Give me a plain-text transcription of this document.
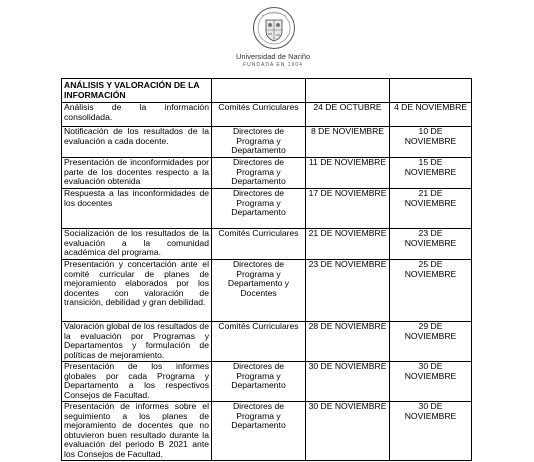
Universidad de Nariño
FUNDADA EN 1904
ANÁLISIS Y VALORACIÓN DE LA INFORMACIÓN			
Análisis de la información consolidada.	Comités Curriculares	24 DE OCTUBRE	4 DE NOVIEMBRE
Notificación de los resultados de la evaluación a cada docente.	Directores de Programa y Departamento	8 DE NOVIEMBRE	10 DE NOVIEMBRE
Presentación de inconformidades por parte de los docentes respecto a la evaluación obtenida	Directores de Programa y Departamento	11 DE NOVIEMBRE	15 DE NOVIEMBRE
Respuesta a las inconformidades de los docentes	Directores de Programa y Departamento	17 DE NOVIEMBRE	21 DE NOVIEMBRE
Socialización de los resultados de la evaluación a la comunidad académica del programa.	Comités Curriculares	21 DE NOVIEMBRE	23 DE NOVIEMBRE
Presentación y concertación ante el comité curricular de planes de mejoramiento elaborados por los docentes con valoración de transición, debilidad y gran debilidad.	Directores de Programa y Departamento y Docentes	23 DE NOVIEMBRE	25 DE NOVIEMBRE
Valoración global de los resultados de la evaluación por Programas y Departamentos y formulación de políticas de mejoramiento.	Comités Curriculares	28 DE NOVIEMBRE	29 DE NOVIEMBRE
Presentación de los informes globales por cada Programa y Departamento a los respectivos Consejos de Facultad.	Directores de Programa y Departamento	30 DE NOVIEMBRE	30 DE NOVIEMBRE
Presentación de informes sobre el seguimiento a los planes de mejoramiento de docentes que no obtuvieron buen resultado durante la evaluación del periodo B 2021 ante los Consejos de Facultad.	Directores de Programa y Departamento	30 DE NOVIEMBRE	30 DE NOVIEMBRE
